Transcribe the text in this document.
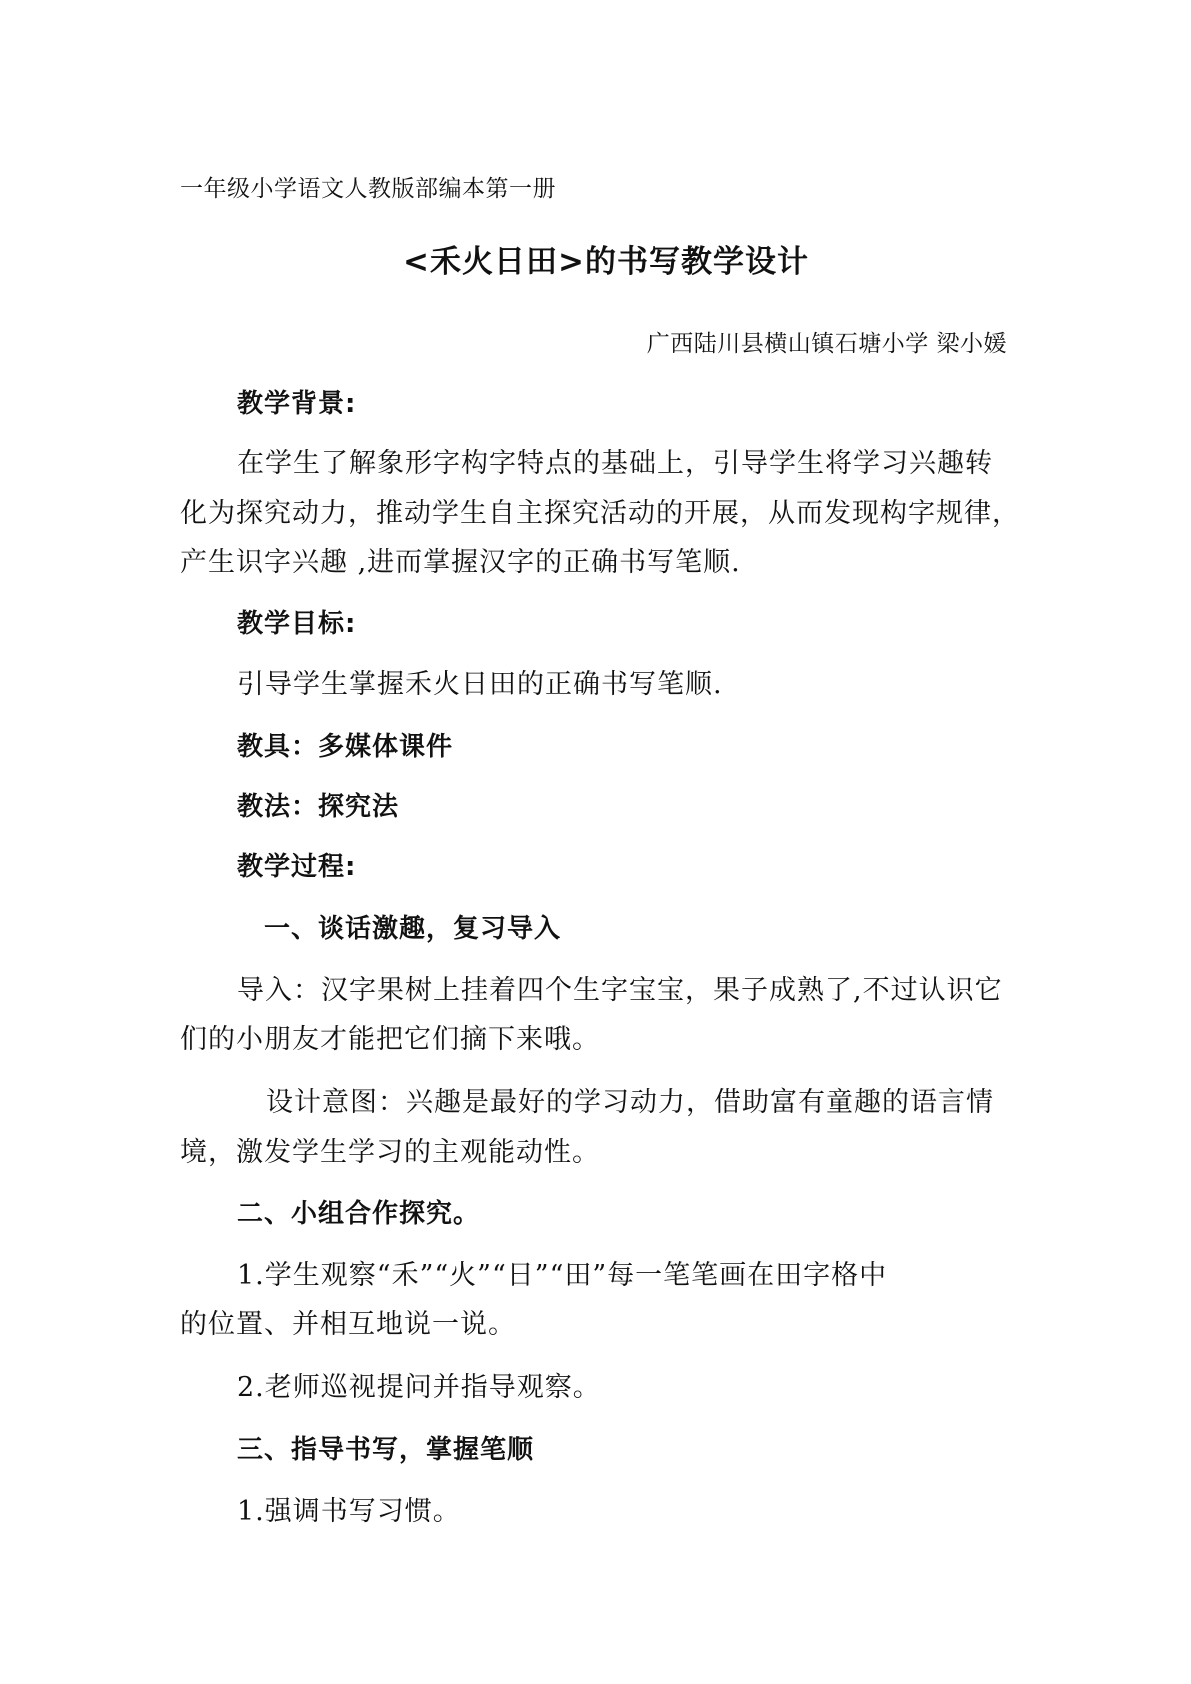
一年级小学语文人教版部编本第一册
<禾火日田>的书写教学设计
广西陆川县横山镇石塘小学 梁小媛
教学背景:
在学生了解象形字构字特点的基础上，引导学生将学习兴趣转
化为探究动力，推动学生自主探究活动的开展，从而发现构字规律，
产生识字兴趣 ,进而掌握汉字的正确书写笔顺.
教学目标:
引导学生掌握禾火日田的正确书写笔顺.
教具：多媒体课件
教法：探究法
教学过程:
一、谈话激趣，复习导入
导入：汉字果树上挂着四个生字宝宝，果子成熟了,不过认识它
们的小朋友才能把它们摘下来哦。
设计意图：兴趣是最好的学习动力，借助富有童趣的语言情
境，激发学生学习的主观能动性。
二、小组合作探究。
1.学生观察“禾”“火”“日”“田”每一笔笔画在田字格中
的位置、并相互地说一说。
2.老师巡视提问并指导观察。
三、指导书写，掌握笔顺
1.强调书写习惯。
